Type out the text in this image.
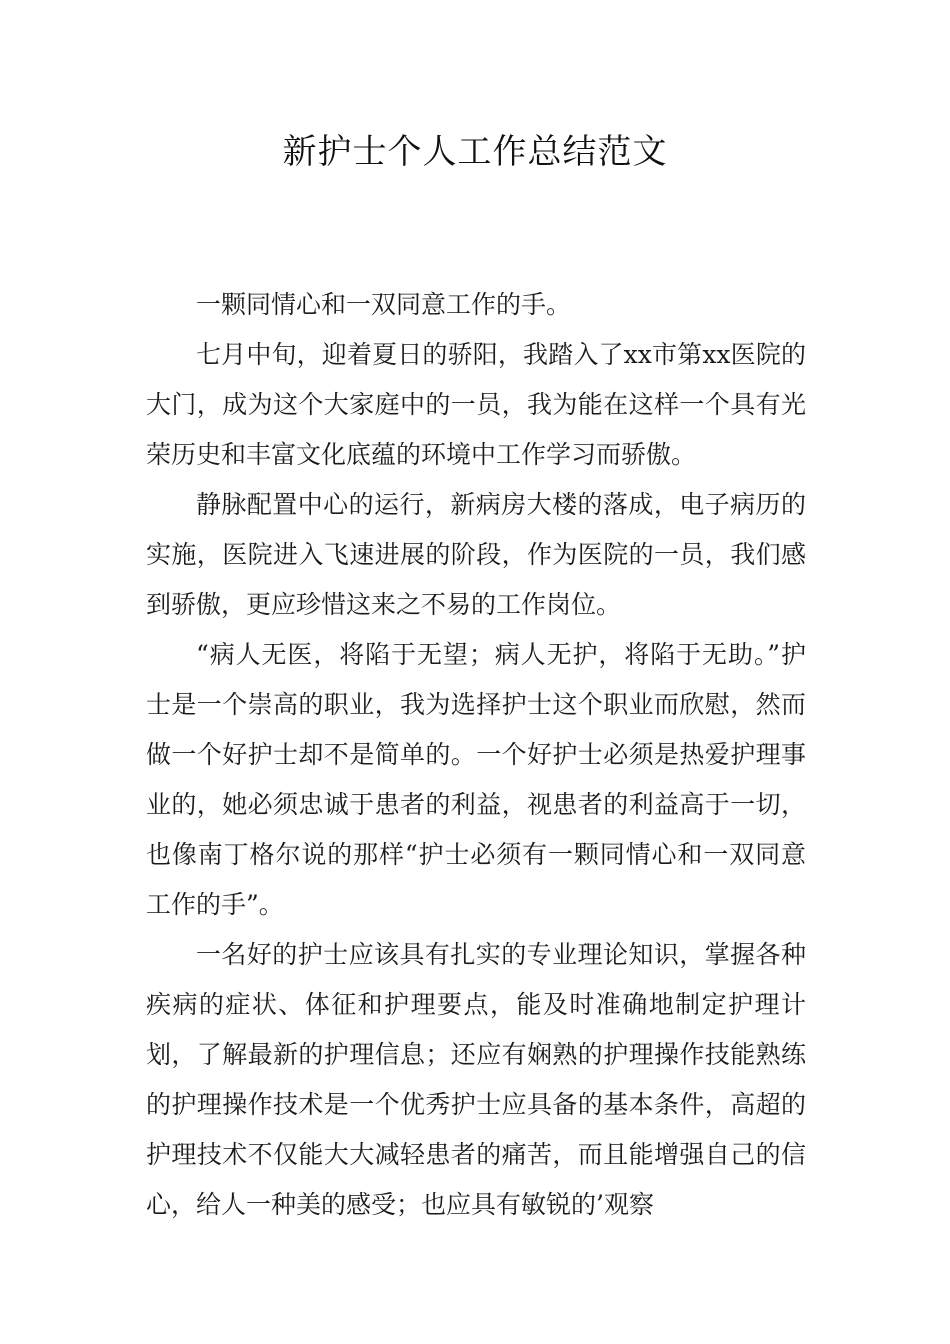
新护士个人工作总结范文

一颗同情心和一双同意工作的手。

七月中旬，迎着夏日的骄阳，我踏入了xx市第xx医院的大门，成为这个大家庭中的一员，我为能在这样一个具有光荣历史和丰富文化底蕴的环境中工作学习而骄傲。

静脉配置中心的运行，新病房大楼的落成，电子病历的实施，医院进入飞速进展的阶段，作为医院的一员，我们感到骄傲，更应珍惜这来之不易的工作岗位。

“病人无医，将陷于无望；病人无护，将陷于无助。”护士是一个崇高的职业，我为选择护士这个职业而欣慰，然而做一个好护士却不是简单的。一个好护士必须是热爱护理事业的，她必须忠诚于患者的利益，视患者的利益高于一切，也像南丁格尔说的那样“护士必须有一颗同情心和一双同意工作的手”。

一名好的护士应该具有扎实的专业理论知识，掌握各种疾病的症状、体征和护理要点，能及时准确地制定护理计划，了解最新的护理信息；还应有娴熟的护理操作技能熟练的护理操作技术是一个优秀护士应具备的基本条件，高超的护理技术不仅能大大减轻患者的痛苦，而且能增强自己的信心，给人一种美的感受；也应具有敏锐的’观察
